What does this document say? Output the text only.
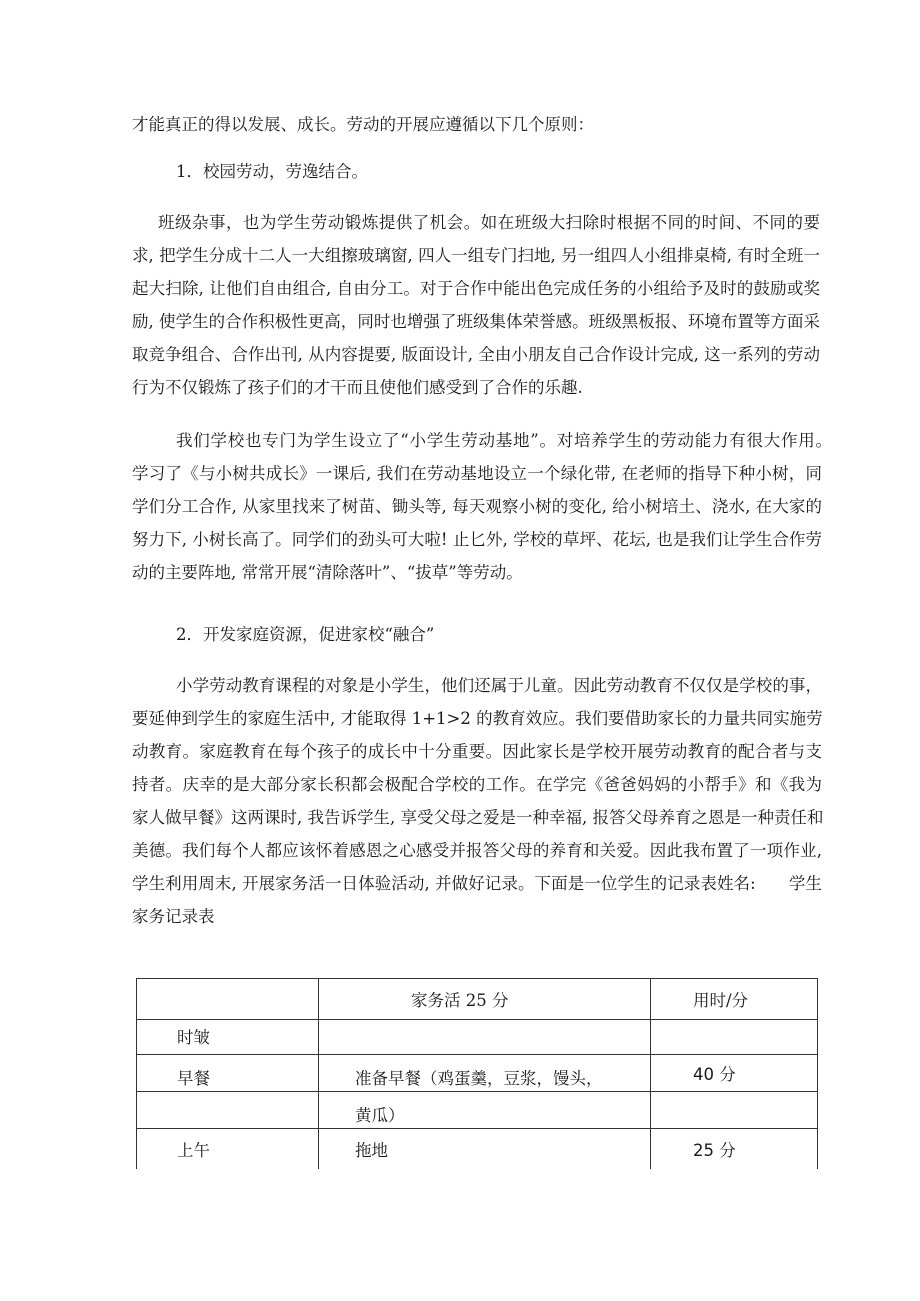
才能真正的得以发展、成长。劳动的开展应遵循以下几个原则：
1．校园劳动，劳逸结合。
班级杂事，也为学生劳动锻炼提供了机会。如在班级大扫除时根据不同的时间、不同的要
求, 把学生分成十二人一大组擦玻璃窗, 四人一组专门扫地, 另一组四人小组排桌椅, 有时全班一
起大扫除, 让他们自由组合, 自由分工。对于合作中能出色完成任务的小组给予及时的鼓励或奖
励, 使学生的合作积极性更高，同时也增强了班级集体荣誉感。班级黑板报、环境布置等方面采
取竞争组合、合作出刊, 从内容提要, 版面设计, 全由小朋友自己合作设计完成, 这一系列的劳动
行为不仅锻炼了孩子们的才干而且使他们感受到了合作的乐趣.
我们学校也专门为学生设立了“小学生劳动基地”。对培养学生的劳动能力有很大作用。
学习了《与小树共成长》一课后, 我们在劳动基地设立一个绿化带, 在老师的指导下种小树，同
学们分工合作, 从家里找来了树苗、锄头等, 每天观察小树的变化, 给小树培土、浇水, 在大家的
努力下, 小树长高了。同学们的劲头可大啦! 止匕外, 学校的草坪、花坛, 也是我们让学生合作劳
动的主要阵地, 常常开展“清除落叶”、“拔草”等劳动。
2．开发家庭资源，促进家校“融合”
小学劳动教育课程的对象是小学生，他们还属于儿童。因此劳动教育不仅仅是学校的事，
要延伸到学生的家庭生活中, 才能取得 1+1>2 的教育效应。我们要借助家长的力量共同实施劳
动教育。家庭教育在每个孩子的成长中十分重要。因此家长是学校开展劳动教育的配合者与支
持者。庆幸的是大部分家长积都会极配合学校的工作。在学完《爸爸妈妈的小帮手》和《我为
家人做早餐》这两课时, 我告诉学生, 享受父母之爱是一种幸福, 报答父母养育之恩是一种责任和
美德。我们每个人都应该怀着感恩之心感受并报答父母的养育和关爱。因此我布置了一项作业,
学生利用周末, 开展家务活一日体验活动, 并做好记录。下面是一位学生的记录表姓名:　　学生
家务记录表

	家务活 25 分	用时/分

时皱		

早餐	准备早餐（鸡蛋羹，豆浆，馒头，	40 分

	黄瓜）	

上午	拖地	25 分
